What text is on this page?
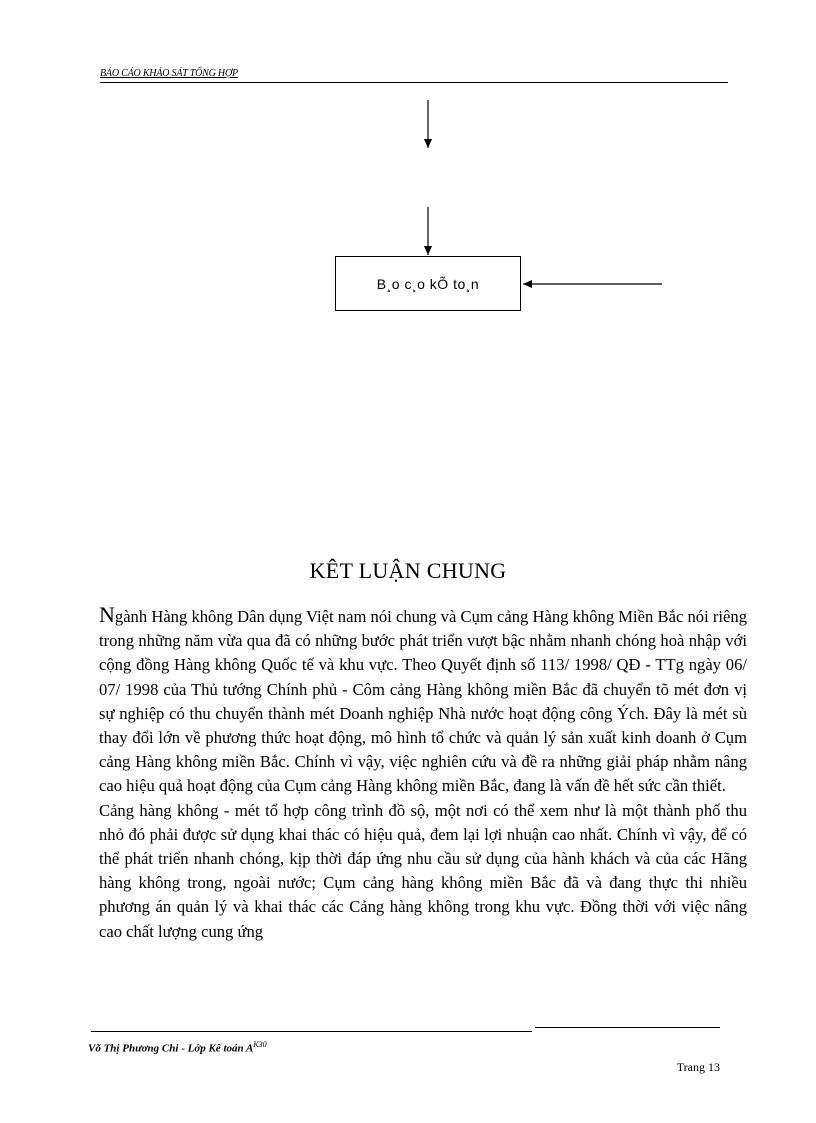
BÁO CÁO KHẢO SÁT TỔNG HỢP
B¸o c¸o kÕ to¸n
KÊT LUẬN CHUNG

Ngành Hàng không Dân dụng Việt nam nói chung và Cụm cảng Hàng không Miền Bắc nói riêng trong những năm vừa qua đã có những bước phát triển vượt bậc nhằm nhanh chóng hoà nhập với cộng đồng Hàng không Quốc tế và khu vực. Theo Quyết định số 113/ 1998/ QĐ - TTg ngày 06/ 07/ 1998 của Thủ tướng Chính phủ - Côm cảng Hàng không miền Bắc đã chuyển tõ mét đơn vị sự nghiệp có thu chuyển thành mét Doanh nghiệp Nhà nước hoạt động công Ých. Đây là mét sù thay đổi lớn về phương thức hoạt động, mô hình tổ chức và quản lý sản xuất kinh doanh ở Cụm cảng Hàng không miền Bắc. Chính vì vậy, việc nghiên cứu và đề ra những giải pháp nhằm nâng cao hiệu quả hoạt động của Cụm cảng Hàng không miền Bắc, đang là vấn đề hết sức cần thiết.

Cảng hàng không - mét tổ hợp công trình đồ sộ, một nơi có thể xem như là một thành phố thu nhỏ đó phải được sử dụng khai thác có hiệu quả, đem lại lợi nhuận cao nhất. Chính vì vậy, để có thể phát triển nhanh chóng, kịp thời đáp ứng nhu cầu sử dụng của hành khách và của các Hãng hàng không trong, ngoài nước; Cụm cảng hàng không miền Bắc đã và đang thực thi nhiều phương án quản lý và khai thác các Cảng hàng không trong khu vực. Đồng thời với việc nâng cao chất lượng cung ứng

Võ Thị Phương Chi - Lớp Kế toán $A^{K30}$
Trang 13
